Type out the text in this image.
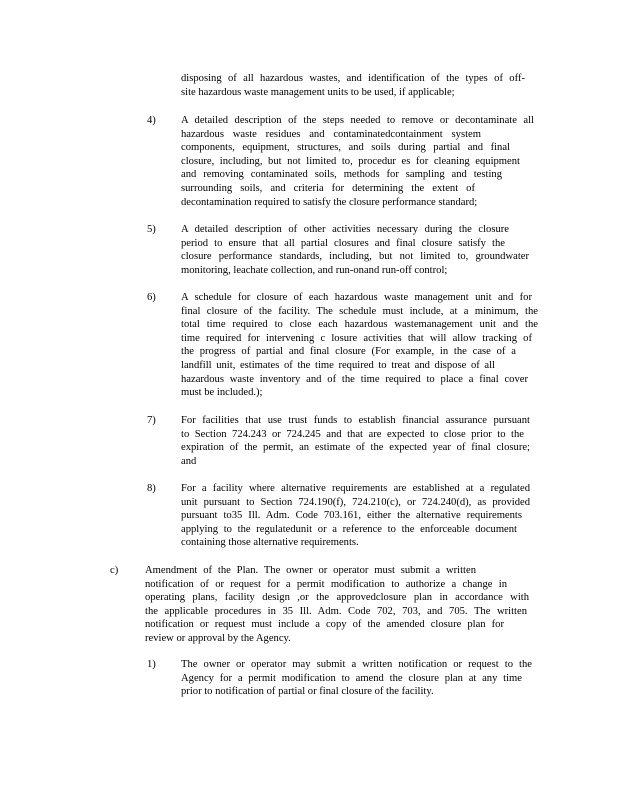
disposing of all hazardous wastes, and identification of the types of off-
site hazardous waste management units to be used, if applicable;
4) A detailed description of the steps needed to remove or decontaminate all
hazardous waste residues and contaminatedcontainment system
components, equipment, structures, and soils during partial and final
closure, including, but not limited to, procedur es for cleaning equipment
and removing contaminated soils, methods for sampling and testing
surrounding soils, and criteria for determining the extent of
decontamination required to satisfy the closure performance standard;
5) A detailed description of other activities necessary during the closure
period to ensure that all partial closures and final closure satisfy the
closure performance standards, including, but not limited to, groundwater
monitoring, leachate collection, and run-onand run-off control;
6) A schedule for closure of each hazardous waste management unit and for
final closure of the facility. The schedule must include, at a minimum, the
total time required to close each hazardous wastemanagement unit and the
time required for intervening c losure activities that will allow tracking of
the progress of partial and final closure (For example, in the case of a
landfill unit, estimates of the time required to treat and dispose of all
hazardous waste inventory and of the time required to place a final cover
must be included.);
7) For facilities that use trust funds to establish financial assurance pursuant
to Section 724.243 or 724.245 and that are expected to close prior to the
expiration of the permit, an estimate of the expected year of final closure;
and
8) For a facility where alternative requirements are established at a regulated
unit pursuant to Section 724.190(f), 724.210(c), or 724.240(d), as provided
pursuant to35 Ill. Adm. Code 703.161, either the alternative requirements
applying to the regulatedunit or a reference to the enforceable document
containing those alternative requirements.
c)	Amendment of the Plan. The owner or operator must submit a written
notification of or request for a permit modification to authorize a change in
operating plans, facility design ,or the approvedclosure plan in accordance with
the applicable procedures in 35 Ill. Adm. Code 702, 703, and 705. The written
notification or request must include a copy of the amended closure plan for
review or approval by the Agency.
1) The owner or operator may submit a written notification or request to the
Agency for a permit modification to amend the closure plan at any time
prior to notification of partial or final closure of the facility.
